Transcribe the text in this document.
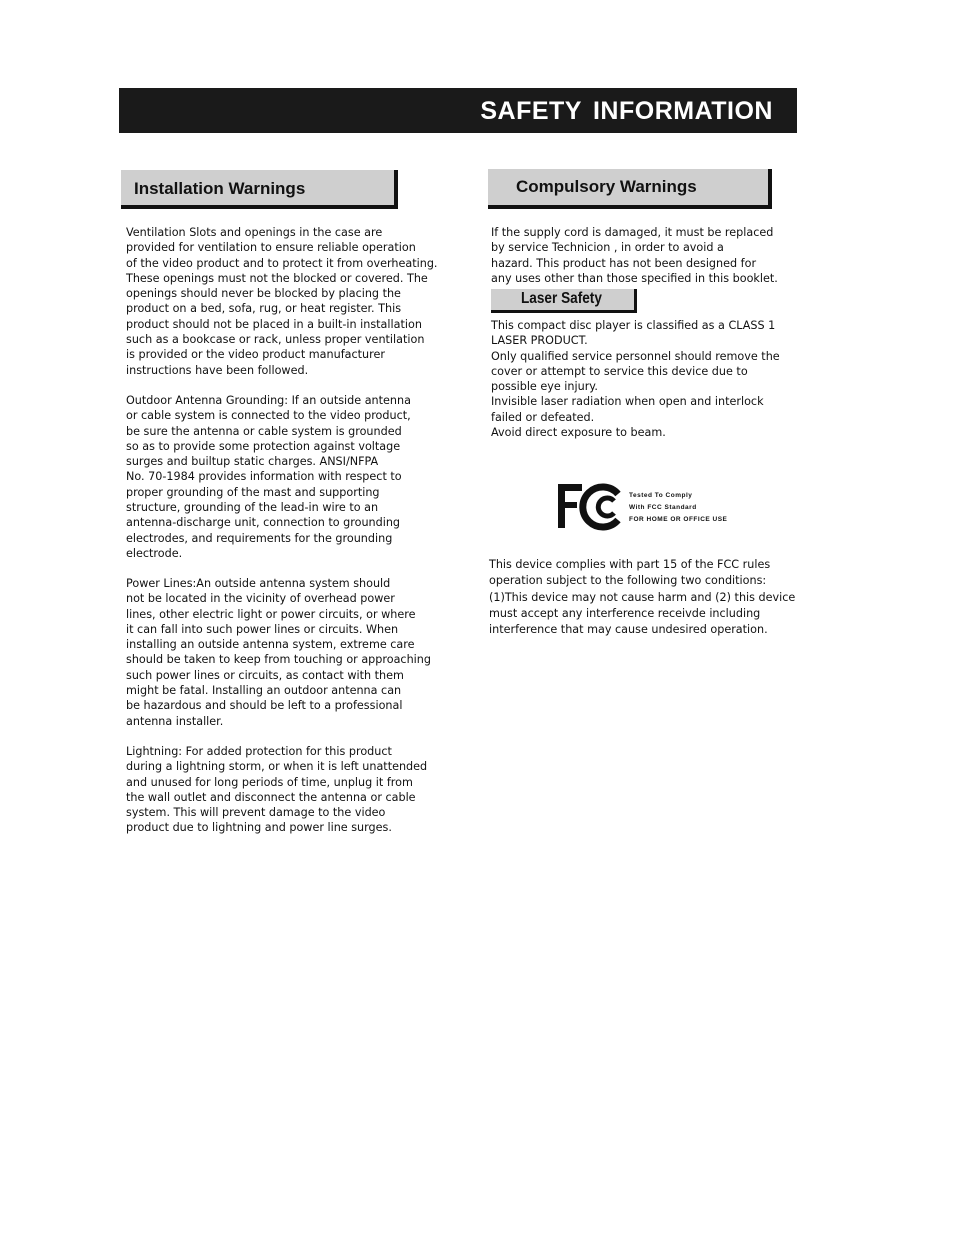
SAFETY INFORMATION
Installation Warnings

Ventilation Slots and openings in the case are
provided for ventilation to ensure reliable operation
of the video product and to protect it from overheating.
These openings must not the blocked or covered. The
openings should never be blocked by placing the
product on a bed, sofa, rug, or heat register. This
product should not be placed in a built-in installation
such as a bookcase or rack, unless proper ventilation
is provided or the video product manufacturer
instructions have been followed.

Outdoor Antenna Grounding: If an outside antenna
or cable system is connected to the video product,
be sure the antenna or cable system is grounded
so as to provide some protection against voltage
surges and builtup static charges. ANSI/NFPA
No. 70-1984 provides information with respect to
proper grounding of the mast and supporting
structure, grounding of the lead-in wire to an
antenna-discharge unit, connection to grounding
electrodes, and requirements for the grounding
electrode.

Power Lines:An outside antenna system should
not be located in the vicinity of overhead power
lines, other electric light or power circuits, or where
it can fall into such power lines or circuits. When
installing an outside antenna system, extreme care
should be taken to keep from touching or approaching
such power lines or circuits, as contact with them
might be fatal. Installing an outdoor antenna can
be hazardous and should be left to a professional
antenna installer.

Lightning: For added protection for this product
during a lightning storm, or when it is left unattended
and unused for long periods of time, unplug it from
the wall outlet and disconnect the antenna or cable
system. This will prevent damage to the video
product due to lightning and power line surges.

Compulsory Warnings

If the supply cord is damaged, it must be replaced
by service Technicion , in order to avoid a
hazard. This product has not been designed for
any uses other than those specified in this booklet.

Laser Safety

This compact disc player is classified as a CLASS 1
LASER PRODUCT.
Only qualified service personnel should remove the
cover or attempt to service this device due to
possible eye injury.
Invisible laser radiation when open and interlock
failed or defeated.
Avoid direct exposure to beam.

Tested To Comply
With FCC Standard
FOR HOME OR OFFICE USE

This device complies with part 15 of the FCC rules
operation subject to the following two conditions:
(1)This device may not cause harm and (2) this device
must accept any interference receivde including
interference that may cause undesired operation.
